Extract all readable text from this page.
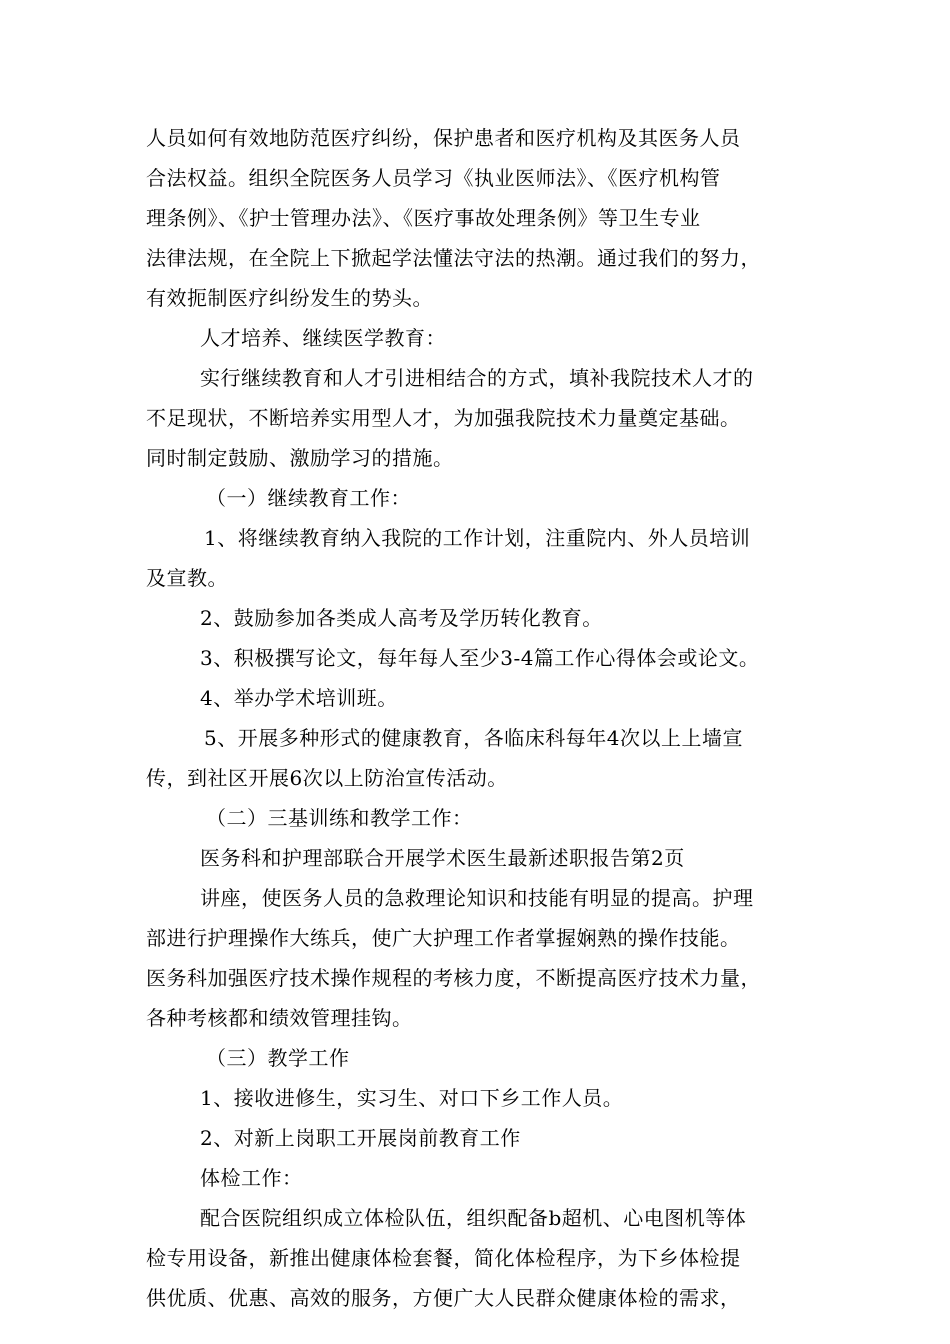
人员如何有效地防范医疗纠纷，保护患者和医疗机构及其医务人员
合法权益。组织全院医务人员学习《执业医师法》、《医疗机构管
理条例》、《护士管理办法》、《医疗事故处理条例》等卫生专业
法律法规，在全院上下掀起学法懂法守法的热潮。通过我们的努力，
有效扼制医疗纠纷发生的势头。
人才培养、继续医学教育：
实行继续教育和人才引进相结合的方式，填补我院技术人才的
不足现状，不断培养实用型人才，为加强我院技术力量奠定基础。
同时制定鼓励、激励学习的措施。
（一）继续教育工作：
1、将继续教育纳入我院的工作计划，注重院内、外人员培训
及宣教。
2、鼓励参加各类成人高考及学历转化教育。
3、积极撰写论文，每年每人至少3-4篇工作心得体会或论文。
4、举办学术培训班。
5、开展多种形式的健康教育，各临床科每年4次以上上墙宣
传，到社区开展6次以上防治宣传活动。
（二）三基训练和教学工作：
医务科和护理部联合开展学术医生最新述职报告第2页
讲座，使医务人员的急救理论知识和技能有明显的提高。护理
部进行护理操作大练兵，使广大护理工作者掌握娴熟的操作技能。
医务科加强医疗技术操作规程的考核力度，不断提高医疗技术力量，
各种考核都和绩效管理挂钩。
（三）教学工作
1、接收进修生，实习生、对口下乡工作人员。
2、对新上岗职工开展岗前教育工作
体检工作：
配合医院组织成立体检队伍，组织配备b超机、心电图机等体
检专用设备，新推出健康体检套餐，简化体检程序，为下乡体检提
供优质、优惠、高效的服务，方便广大人民群众健康体检的需求，
